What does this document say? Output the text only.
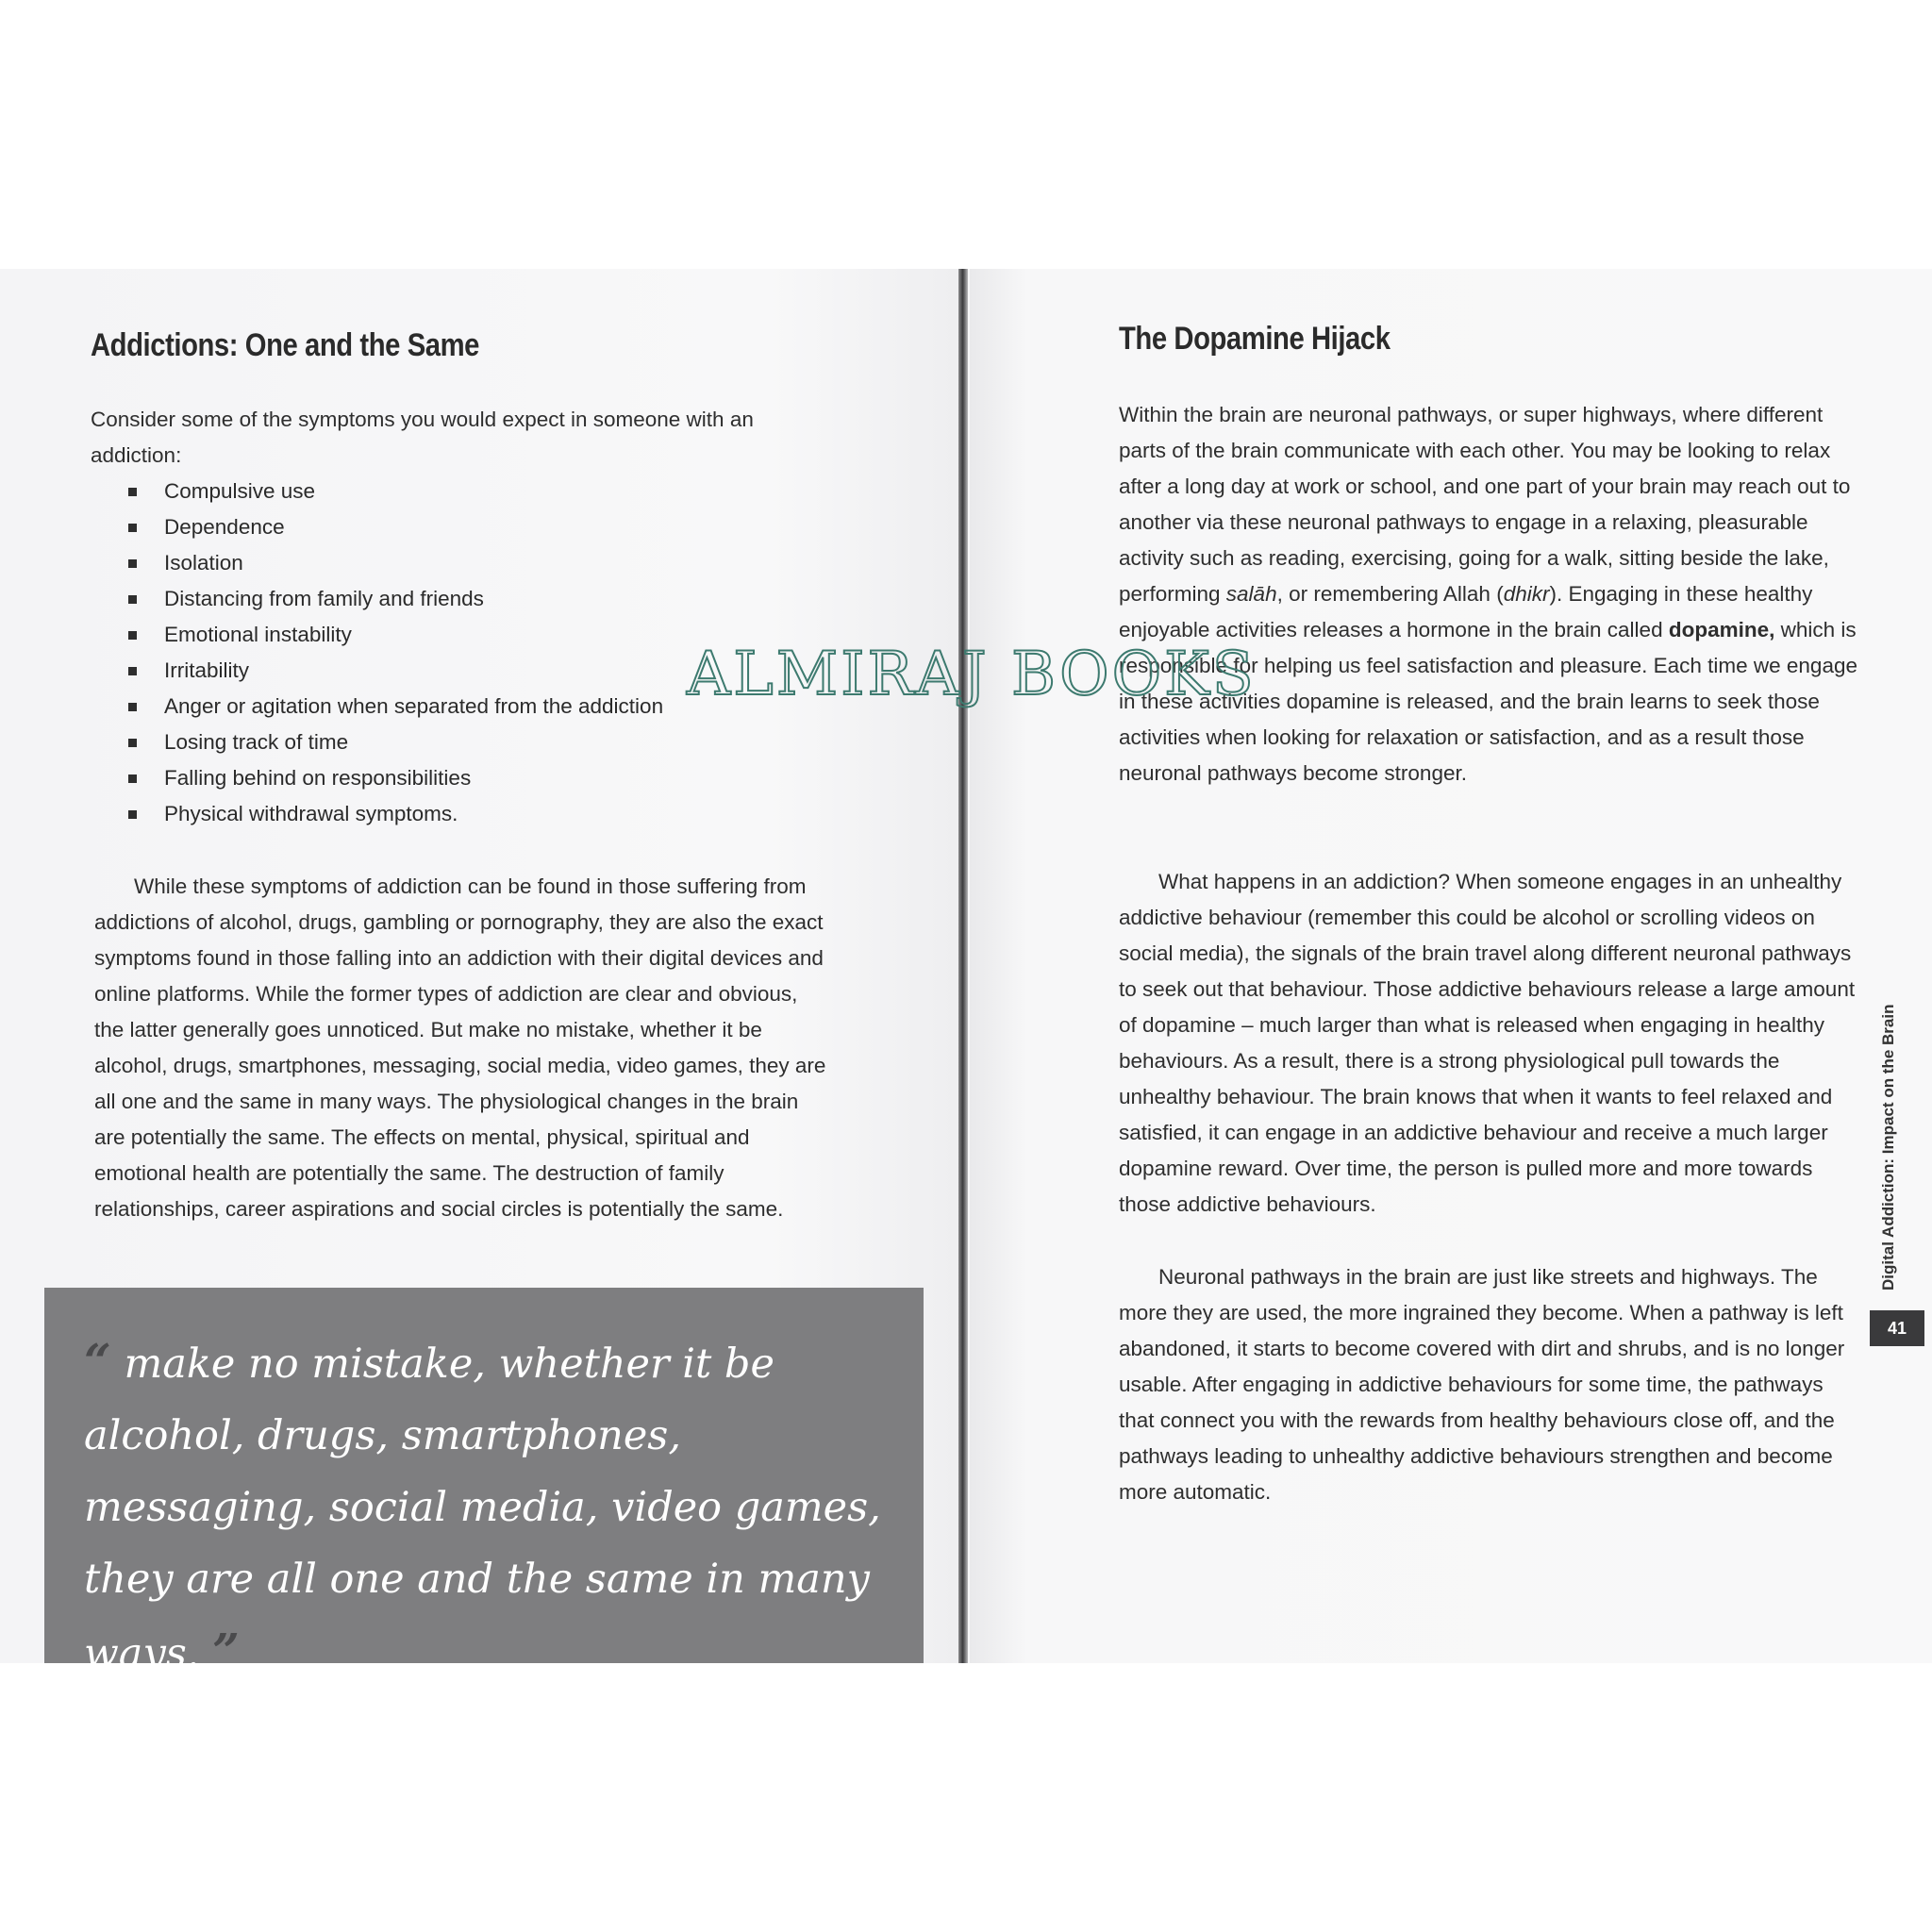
Addictions: One and the Same

Consider some of the symptoms you would expect in someone with an addiction:

Compulsive use
Dependence
Isolation
Distancing from family and friends
Emotional instability
Irritability
Anger or agitation when separated from the addiction
Losing track of time
Falling behind on responsibilities
Physical withdrawal symptoms.

While these symptoms of addiction can be found in those suffering from addictions of alcohol, drugs, gambling or pornography, they are also the exact symptoms found in those falling into an addiction with their digital devices and online platforms. While the former types of addiction are clear and obvious, the latter generally goes unnoticed. But make no mistake, whether it be alcohol, drugs, smartphones, messaging, social media, video games, they are all one and the same in many ways. The physiological changes in the brain are potentially the same. The effects on mental, physical, spiritual and emotional health are potentially the same. The destruction of family relationships, career aspirations and social circles is potentially the same.

“ make no mistake, whether it be alcohol, drugs, smartphones, messaging, social media, video games, they are all one and the same in many ways. ”
The Dopamine Hijack

Within the brain are neuronal pathways, or super highways, where different parts of the brain communicate with each other. You may be looking to relax after a long day at work or school, and one part of your brain may reach out to another via these neuronal pathways to engage in a relaxing, pleasurable activity such as reading, exercising, going for a walk, sitting beside the lake, performing salāh, or remembering Allah (dhikr). Engaging in these healthy enjoyable activities releases a hormone in the brain called dopamine, which is responsible for helping us feel satisfaction and pleasure. Each time we engage in these activities dopamine is released, and the brain learns to seek those activities when looking for relaxation or satisfaction, and as a result those neuronal pathways become stronger.

What happens in an addiction? When someone engages in an unhealthy addictive behaviour (remember this could be alcohol or scrolling videos on social media), the signals of the brain travel along different neuronal pathways to seek out that behaviour. Those addictive behaviours release a large amount of dopamine – much larger than what is released when engaging in healthy behaviours. As a result, there is a strong physiological pull towards the unhealthy behaviour. The brain knows that when it wants to feel relaxed and satisfied, it can engage in an addictive behaviour and receive a much larger dopamine reward. Over time, the person is pulled more and more towards those addictive behaviours.

Neuronal pathways in the brain are just like streets and highways. The more they are used, the more ingrained they become. When a pathway is left abandoned, it starts to become covered with dirt and shrubs, and is no longer usable. After engaging in addictive behaviours for some time, the pathways that connect you with the rewards from healthy behaviours close off, and the pathways leading to unhealthy addictive behaviours strengthen and become more automatic.

ALMIRAJ BOOKS
Digital Addiction: Impact on the Brain
41
